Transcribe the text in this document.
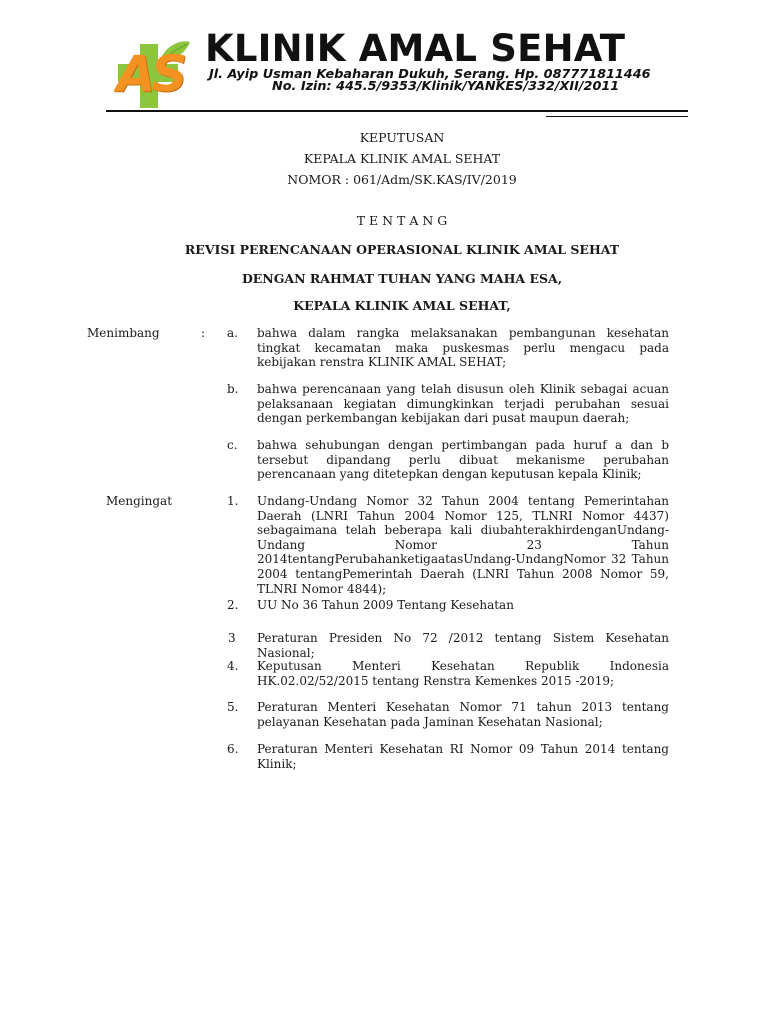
AS KLINIK AMAL SEHAT
Jl. Ayip Usman Kebaharan Dukuh, Serang. Hp. 087771811446
No. Izin: 445.5/9353/Klinik/YANKES/332/XII/2011
KEPUTUSAN
KEPALA KLINIK AMAL SEHAT
NOMOR : 061/Adm/SK.KAS/IV/2019
T E N T A N G
REVISI PERENCANAAN OPERASIONAL KLINIK AMAL SEHAT
DENGAN RAHMAT TUHAN YANG MAHA ESA,
KEPALA KLINIK AMAL SEHAT,
Menimbang	: a. bahwa dalam rangka melaksanakan pembangunan kesehatan tingkat kecamatan maka puskesmas perlu mengacu pada kebijakan renstra KLINIK AMAL SEHAT;
b. bahwa perencanaan yang telah disusun oleh Klinik sebagai acuan pelaksanaan kegiatan dimungkinkan terjadi perubahan sesuai dengan perkembangan kebijakan dari pusat maupun daerah;
c. bahwa sehubungan dengan pertimbangan pada huruf a dan b tersebut dipandang perlu dibuat mekanisme perubahan perencanaan yang ditetepkan dengan keputusan kepala Klinik;
Mengingat	1. Undang-Undang Nomor 32 Tahun 2004 tentang Pemerintahan Daerah (LNRI Tahun 2004 Nomor 125, TLNRI Nomor 4437) sebagaimana telah beberapa kali diubahterakhirdenganUndang-Undang Nomor 23 Tahun 2014tentangPerubahanketigaatasUndang-UndangNomor 32 Tahun 2004 tentangPemerintah Daerah (LNRI Tahun 2008 Nomor 59, TLNRI Nomor 4844);
2. UU No 36 Tahun 2009 Tentang Kesehatan
3 Peraturan Presiden No 72 /2012 tentang Sistem Kesehatan Nasional;
4. Keputusan Menteri Kesehatan Republik Indonesia HK.02.02/52/2015 tentang Renstra Kemenkes 2015 -2019;
5. Peraturan Menteri Kesehatan Nomor 71 tahun 2013 tentang pelayanan Kesehatan pada Jaminan Kesehatan Nasional;
6. Peraturan Menteri Kesehatan RI Nomor 09 Tahun 2014 tentang Klinik;
